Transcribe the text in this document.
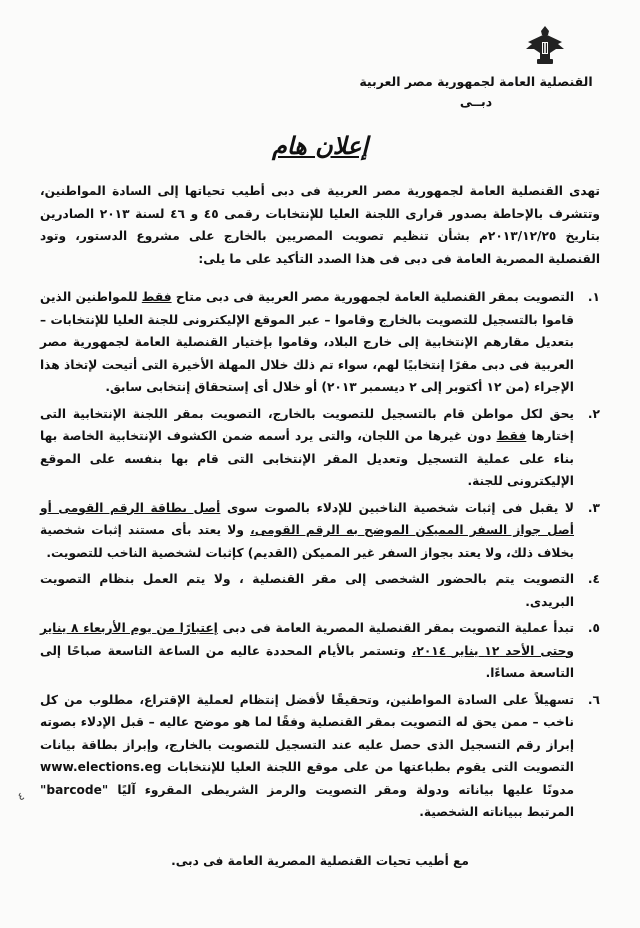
القنصلية العامة لجمهورية مصر العربية
دبــى
إعلان هام

تهدى القنصلية العامة لجمهورية مصر العربية فى دبى أطيب تحياتها إلى السادة المواطنين، وتتشرف بالإحاطة بصدور قرارى اللجنة العليا للإنتخابات رقمى ٤٥ و ٤٦ لسنة ٢٠١٣ الصادرين بتاريخ ٢٠١٣/١٢/٢٥م بشأن تنظيم تصويت المصريين بالخارج على مشروع الدستور، وتود القنصلية المصرية العامة فى دبى فى هذا الصدد التأكيد على ما يلى:

١.
التصويت بمقر القنصلية العامة لجمهورية مصر العربية فى دبى متاح فقط للمواطنين الذين قاموا بالتسجيل للتصويت بالخارج وقاموا – عبر الموقع الإليكترونى للجنة العليا للإنتخابات – بتعديل مقارهم الإنتخابية إلى خارج البلاد، وقاموا بإختيار القنصلية العامة لجمهورية مصر العربية فى دبى مقرًا إنتخابيًا لهم، سواء تم ذلك خلال المهلة الأخيرة التى أتيحت لإتخاذ هذا الإجراء (من ١٢ أكتوبر إلى ٢ ديسمبر ٢٠١٣) أو خلال أى إستحقاق إنتخابى سابق.
٢.
يحق لكل مواطن قام بالتسجيل للتصويت بالخارج، التصويت بمقر اللجنة الإنتخابية التى إختارها فقط دون غيرها من اللجان، والتى يرد أسمه ضمن الكشوف الإنتخابية الخاصة بها بناء على عملية التسجيل وتعديل المقر الإنتخابى التى قام بها بنفسه على الموقع الإليكترونى للجنة.
٣.
لا يقبل فى إثبات شخصية الناخبين للإدلاء بالصوت سوى أصل بطاقة الرقم القومى أو أصل جواز السفر المميكن الموضح به الرقم القومى، ولا يعتد بأى مستند إثبات شخصية بخلاف ذلك، ولا يعتد بجواز السفر غير المميكن (القديم) كإثبات لشخصية الناخب للتصويت.
٤.
التصويت يتم بالحضور الشخصى إلى مقر القنصلية ، ولا يتم العمل بنظام التصويت البريدى.
٥.
تبدأ عملية التصويت بمقر القنصلية المصرية العامة فى دبى إعتبارًا من يوم الأربعاء ٨ يناير وحتى الأحد ١٢ يناير ٢٠١٤، وتستمر بالأيام المحددة عاليه من الساعة التاسعة صباحًا إلى التاسعة مساءًا.
٦.
تسهيلاً على السادة المواطنين، وتحقيقًا لأفضل إنتظام لعملية الإقتراع، مطلوب من كل ناخب – ممن يحق له التصويت بمقر القنصلية وفقًا لما هو موضح عاليه – قبل الإدلاء بصوته إبراز رقم التسجيل الذى حصل عليه عند التسجيل للتصويت بالخارج، وإبراز بطاقة بيانات التصويت التى يقوم بطباعتها من على موقع اللجنة العليا للإنتخابات www.elections.eg مدونًا عليها بياناته ودولة ومقر التصويت والرمز الشريطى المقروء آليًا "barcode" المرتبط ببياناته الشخصية.
مع أطيب تحيات القنصلية المصرية العامة فى دبى.
٤
